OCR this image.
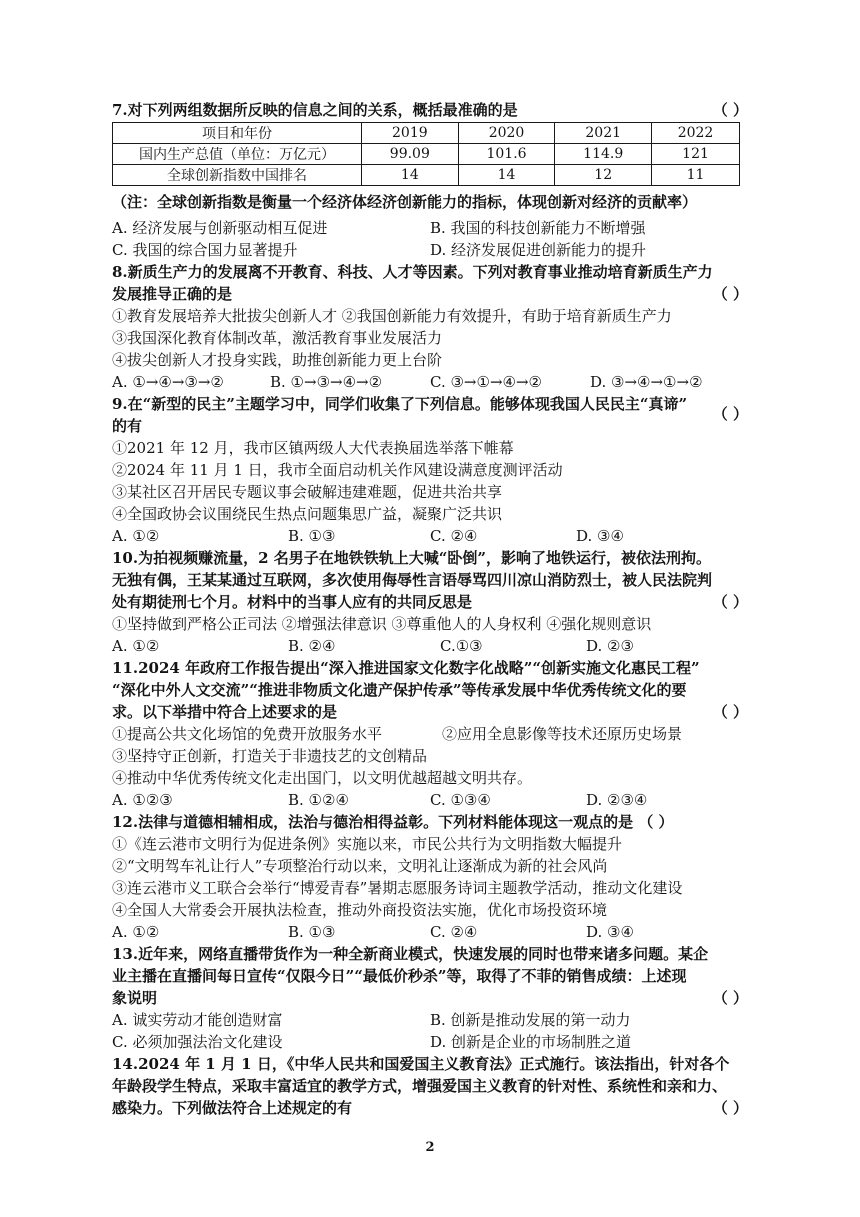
7.对下列两组数据所反映的信息之间的关系，概括最准确的是	（ ）
项目和年份	2019	2020	2021	2022
国内生产总值（单位：万亿元）	99.09	101.6	114.9	121
全球创新指数中国排名	14	14	12	11
（注：全球创新指数是衡量一个经济体经济创新能力的指标，体现创新对经济的贡献率）
A. 经济发展与创新驱动相互促进	B. 我国的科技创新能力不断增强
C. 我国的综合国力显著提升	D. 经济发展促进创新能力的提升
8.新质生产力的发展离不开教育、科技、人才等因素。下列对教育事业推动培育新质生产力
发展推导正确的是	（ ）
①教育发展培养大批拔尖创新人才 ②我国创新能力有效提升，有助于培育新质生产力
③我国深化教育体制改革，激活教育事业发展活力
④拔尖创新人才投身实践，助推创新能力更上台阶
A. ①→④→③→②	B. ①→③→④→②	C. ③→①→④→②	D. ③→④→①→②
9.在“新型的民主”主题学习中，同学们收集了下列信息。能够体现我国人民民主“真谛”
的有
（ ）
①2021 年 12 月，我市区镇两级人大代表换届选举落下帷幕
②2024 年 11 月 1 日，我市全面启动机关作风建设满意度测评活动
③某社区召开居民专题议事会破解违建难题，促进共治共享
④全国政协会议围绕民生热点问题集思广益，凝聚广泛共识
A. ①②	B. ①③	C. ②④	D. ③④
10.为拍视频赚流量，2 名男子在地铁铁轨上大喊“卧倒”，影响了地铁运行，被依法刑拘。
无独有偶，王某某通过互联网，多次使用侮辱性言语辱骂四川凉山消防烈士，被人民法院判
处有期徒刑七个月。材料中的当事人应有的共同反思是	（ ）
①坚持做到严格公正司法 ②增强法律意识 ③尊重他人的人身权利 ④强化规则意识
A. ①②	B. ②④	C.①③	D. ②③
11.2024 年政府工作报告提出“深入推进国家文化数字化战略”“创新实施文化惠民工程”
“深化中外人文交流”“推进非物质文化遗产保护传承”等传承发展中华优秀传统文化的要
求。以下举措中符合上述要求的是	（ ）
①提高公共文化场馆的免费开放服务水平	②应用全息影像等技术还原历史场景
③坚持守正创新，打造关于非遗技艺的文创精品
④推动中华优秀传统文化走出国门，以文明优越超越文明共存。
A. ①②③	B. ①②④	C. ①③④	D. ②③④
12.法律与道德相辅相成，法治与德治相得益彰。下列材料能体现这一观点的是 （ ）
①《连云港市文明行为促进条例》实施以来，市民公共行为文明指数大幅提升
②“文明驾车礼让行人”专项整治行动以来，文明礼让逐渐成为新的社会风尚
③连云港市义工联合会举行“博爱青春”暑期志愿服务诗词主题教学活动，推动文化建设
④全国人大常委会开展执法检查，推动外商投资法实施，优化市场投资环境
A. ①②	B. ①③	C. ②④	D. ③④
13.近年来，网络直播带货作为一种全新商业模式，快速发展的同时也带来诸多问题。某企
业主播在直播间每日宣传“仅限今日”“最低价秒杀”等，取得了不菲的销售成绩：上述现
象说明	（ ）
A. 诚实劳动才能创造财富	B. 创新是推动发展的第一动力
C. 必须加强法治文化建设	D. 创新是企业的市场制胜之道
14.2024 年 1 月 1 日，《中华人民共和国爱国主义教育法》正式施行。该法指出，针对各个
年龄段学生特点，采取丰富适宜的教学方式，增强爱国主义教育的针对性、系统性和亲和力、
感染力。下列做法符合上述规定的有	（ ）
2
